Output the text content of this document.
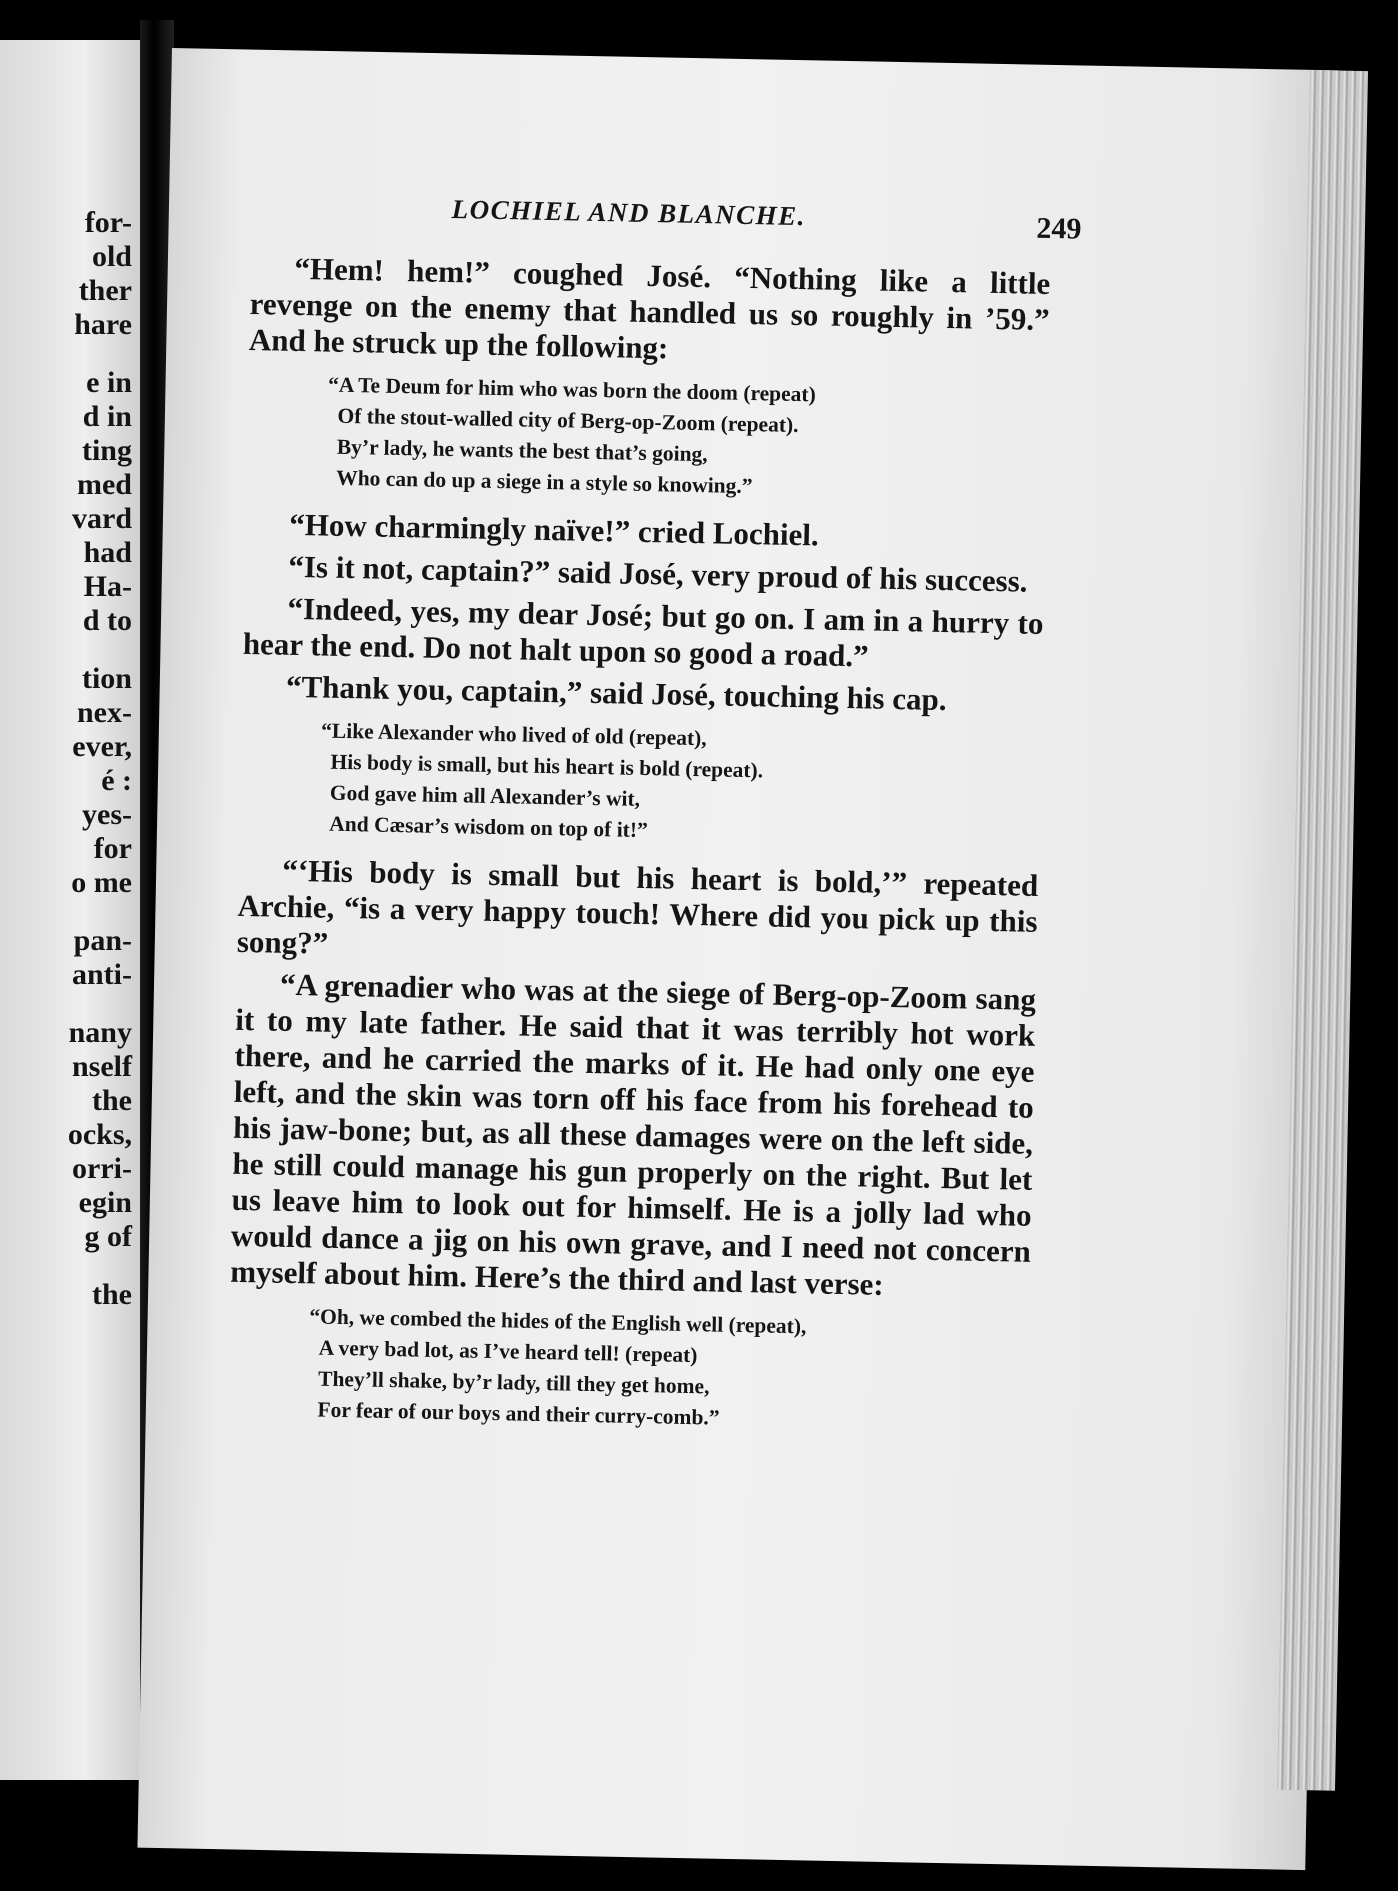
for-
old
ther
hare
e in
d in
ting
med
vard
had
Ha-
d to
tion
nex-
ever,
é :
yes-
for
o me
pan-
anti-
nany
nself
the
ocks,
orri-
egin
g of
the
LOCHIEL AND BLANCHE.	249

“Hem! hem!” coughed José. “Nothing like a little revenge on the enemy that handled us so roughly in ’59.” And he struck up the following:

“A Te Deum for him who was born the doom (repeat)
Of the stout-walled city of Berg-op-Zoom (repeat).
By’r lady, he wants the best that’s going,
Who can do up a siege in a style so knowing.”

“How charmingly naïve!” cried Lochiel.

“Is it not, captain?” said José, very proud of his success.

“Indeed, yes, my dear José; but go on. I am in a hurry to hear the end. Do not halt upon so good a road.”

“Thank you, captain,” said José, touching his cap.

“Like Alexander who lived of old (repeat),
His body is small, but his heart is bold (repeat).
God gave him all Alexander’s wit,
And Cæsar’s wisdom on top of it!”

“‘His body is small but his heart is bold,’” repeated Archie, “is a very happy touch! Where did you pick up this song?”

“A grenadier who was at the siege of Berg-op-Zoom sang it to my late father. He said that it was terribly hot work there, and he carried the marks of it. He had only one eye left, and the skin was torn off his face from his forehead to his jaw-bone; but, as all these damages were on the left side, he still could manage his gun properly on the right. But let us leave him to look out for himself. He is a jolly lad who would dance a jig on his own grave, and I need not concern myself about him. Here’s the third and last verse:

“Oh, we combed the hides of the English well (repeat),
A very bad lot, as I’ve heard tell! (repeat)
They’ll shake, by’r lady, till they get home,
For fear of our boys and their curry-comb.”
